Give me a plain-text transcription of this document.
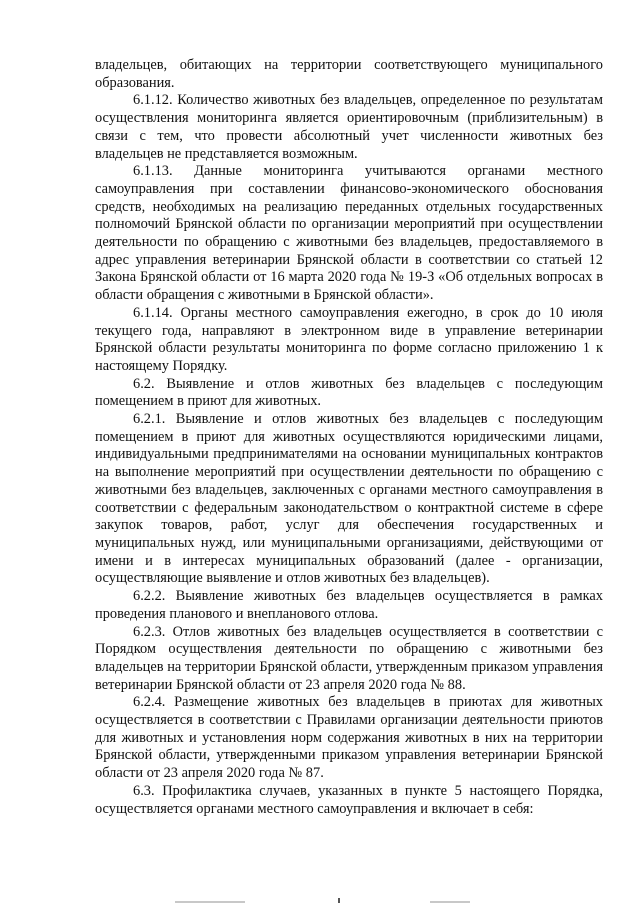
владельцев, обитающих на территории соответствующего муниципального образования.

6.1.12. Количество животных без владельцев, определенное по результатам осуществления мониторинга является ориентировочным (приблизительным) в связи с тем, что провести абсолютный учет численности животных без владельцев не представляется возможным.

6.1.13. Данные мониторинга учитываются органами местного самоуправления при составлении финансово-экономического обоснования средств, необходимых на реализацию переданных отдельных государственных полномочий Брянской области по организации мероприятий при осуществлении деятельности по обращению с животными без владельцев, предоставляемого в адрес управления ветеринарии Брянской области в соответствии со статьей 12 Закона Брянской области от 16 марта 2020 года № 19-З «Об отдельных вопросах в области обращения с животными в Брянской области».

6.1.14. Органы местного самоуправления ежегодно, в срок до 10 июля текущего года, направляют в электронном виде в управление ветеринарии Брянской области результаты мониторинга по форме согласно приложению 1 к настоящему Порядку.

6.2. Выявление и отлов животных без владельцев с последующим помещением в приют для животных.

6.2.1. Выявление и отлов животных без владельцев с последующим помещением в приют для животных осуществляются юридическими лицами, индивидуальными предпринимателями на основании муниципальных контрактов на выполнение мероприятий при осуществлении деятельности по обращению с животными без владельцев, заключенных с органами местного самоуправления в соответствии с федеральным законодательством о контрактной системе в сфере закупок товаров, работ, услуг для обеспечения государственных и муниципальных нужд, или муниципальными организациями, действующими от имени и в интересах муниципальных образований (далее - организации, осуществляющие выявление и отлов животных без владельцев).

6.2.2. Выявление животных без владельцев осуществляется в рамках проведения планового и внепланового отлова.

6.2.3. Отлов животных без владельцев осуществляется в соответствии с Порядком осуществления деятельности по обращению с животными без владельцев на территории Брянской области, утвержденным приказом управления ветеринарии Брянской области от 23 апреля 2020 года № 88.

6.2.4. Размещение животных без владельцев в приютах для животных осуществляется в соответствии с Правилами организации деятельности приютов для животных и установления норм содержания животных в них на территории Брянской области, утвержденными приказом управления ветеринарии Брянской области от 23 апреля 2020 года № 87.

6.3. Профилактика случаев, указанных в пункте 5 настоящего Порядка, осуществляется органами местного самоуправления и включает в себя:
